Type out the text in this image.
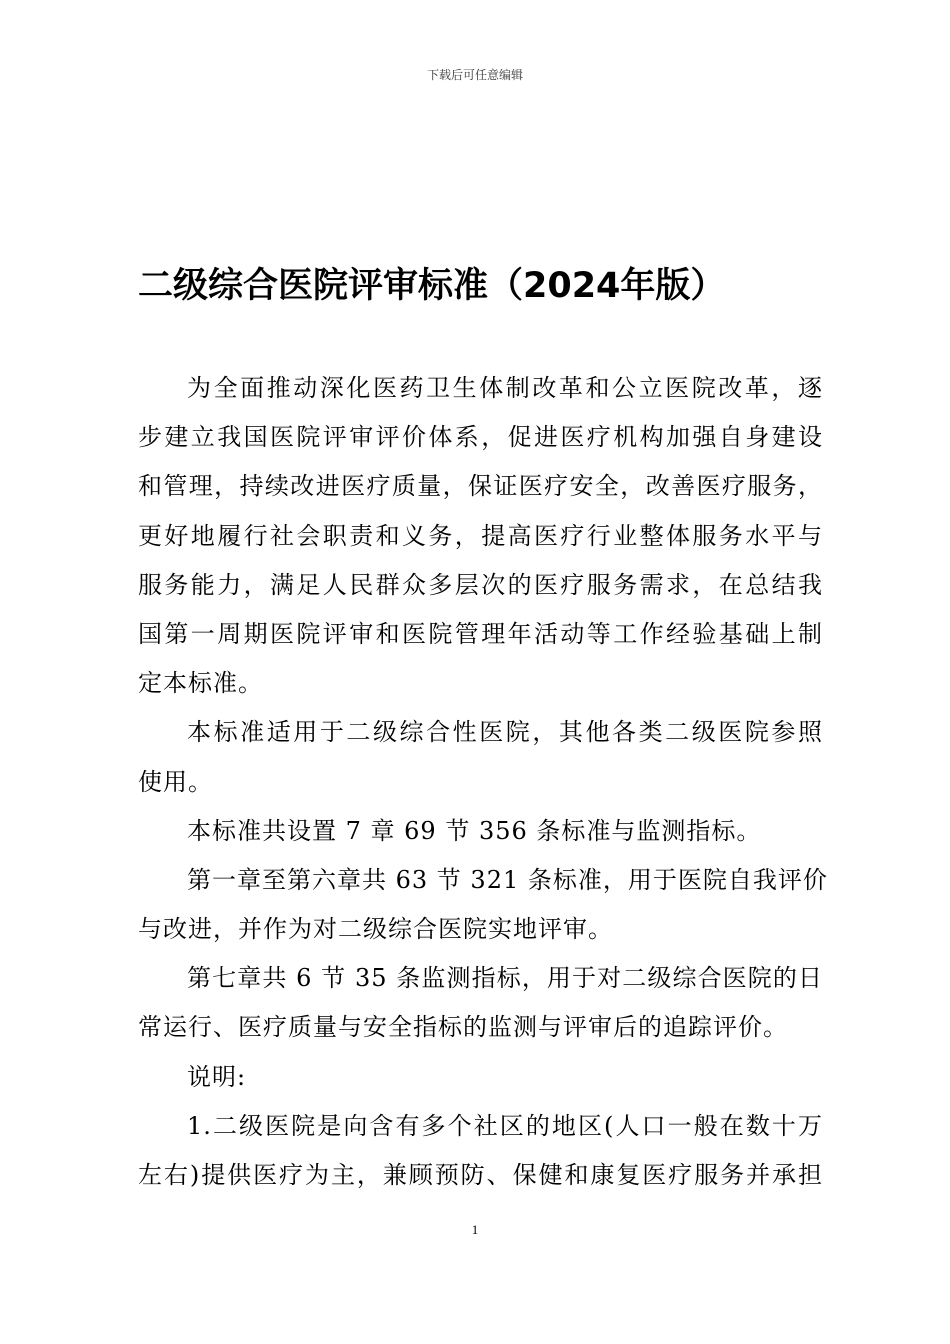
下载后可任意编辑
二级综合医院评审标准（2024年版）
为全面推动深化医药卫生体制改革和公立医院改革，逐
步建立我国医院评审评价体系，促进医疗机构加强自身建设
和管理，持续改进医疗质量，保证医疗安全，改善医疗服务，
更好地履行社会职责和义务，提高医疗行业整体服务水平与
服务能力，满足人民群众多层次的医疗服务需求，在总结我
国第一周期医院评审和医院管理年活动等工作经验基础上制
定本标准。
本标准适用于二级综合性医院，其他各类二级医院参照
使用。
本标准共设置 7 章 69 节 356 条标准与监测指标。
第一章至第六章共 63 节 321 条标准，用于医院自我评价
与改进，并作为对二级综合医院实地评审。
第七章共 6 节 35 条监测指标，用于对二级综合医院的日
常运行、医疗质量与安全指标的监测与评审后的追踪评价。
说明:
1.二级医院是向含有多个社区的地区(人口一般在数十万
左右)提供医疗为主，兼顾预防、保健和康复医疗服务并承担
1
